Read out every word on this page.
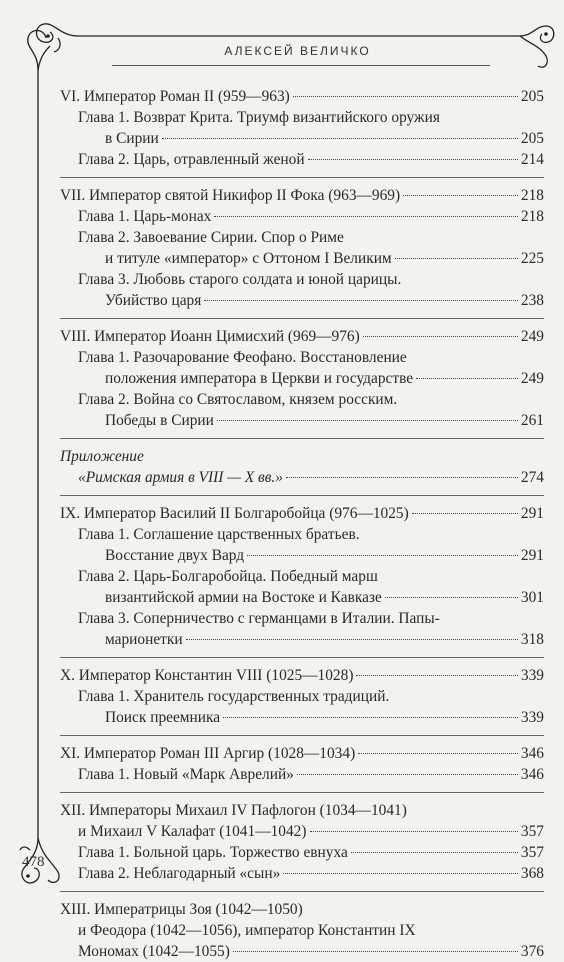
АЛЕКСЕЙ ВЕЛИЧКО
VI. Император Роман II (959—963)	205
Глава 1. Возврат Крита. Триумф византийского оружия
в Сирии	205
Глава 2. Царь, отравленный женой	214
VII. Император святой Никифор II Фока (963—969)	218
Глава 1. Царь-монах	218
Глава 2. Завоевание Сирии. Спор о Риме
и титуле «император» с Оттоном I Великим	225
Глава 3. Любовь старого солдата и юной царицы.
Убийство царя	238
VIII. Император Иоанн Цимисхий (969—976)	249
Глава 1. Разочарование Феофано. Восстановление
положения императора в Церкви и государстве	249
Глава 2. Война со Святославом, князем росским.
Победы в Сирии	261
Приложение
«Римская армия в VIII — X вв.»	274
IX. Император Василий II Болгаробойца (976—1025)	291
Глава 1. Соглашение царственных братьев.
Восстание двух Вард	291
Глава 2. Царь-Болгаробойца. Победный марш
византийской армии на Востоке и Кавказе	301
Глава 3. Соперничество с германцами в Италии. Папы-
марионетки	318
X. Император Константин VIII (1025—1028)	339
Глава 1. Хранитель государственных традиций.
Поиск преемника	339
XI. Император Роман III Аргир (1028—1034)	346
Глава 1. Новый «Марк Аврелий»	346
XII. Императоры Михаил IV Пафлогон (1034—1041)
и Михаил V Калафат (1041—1042)	357
Глава 1. Больной царь. Торжество евнуха	357
Глава 2. Неблагодарный «сын»	368
XIII. Императрицы Зоя (1042—1050)
и Феодора (1042—1056), император Константин IX
Мономах (1042—1055)	376
478
